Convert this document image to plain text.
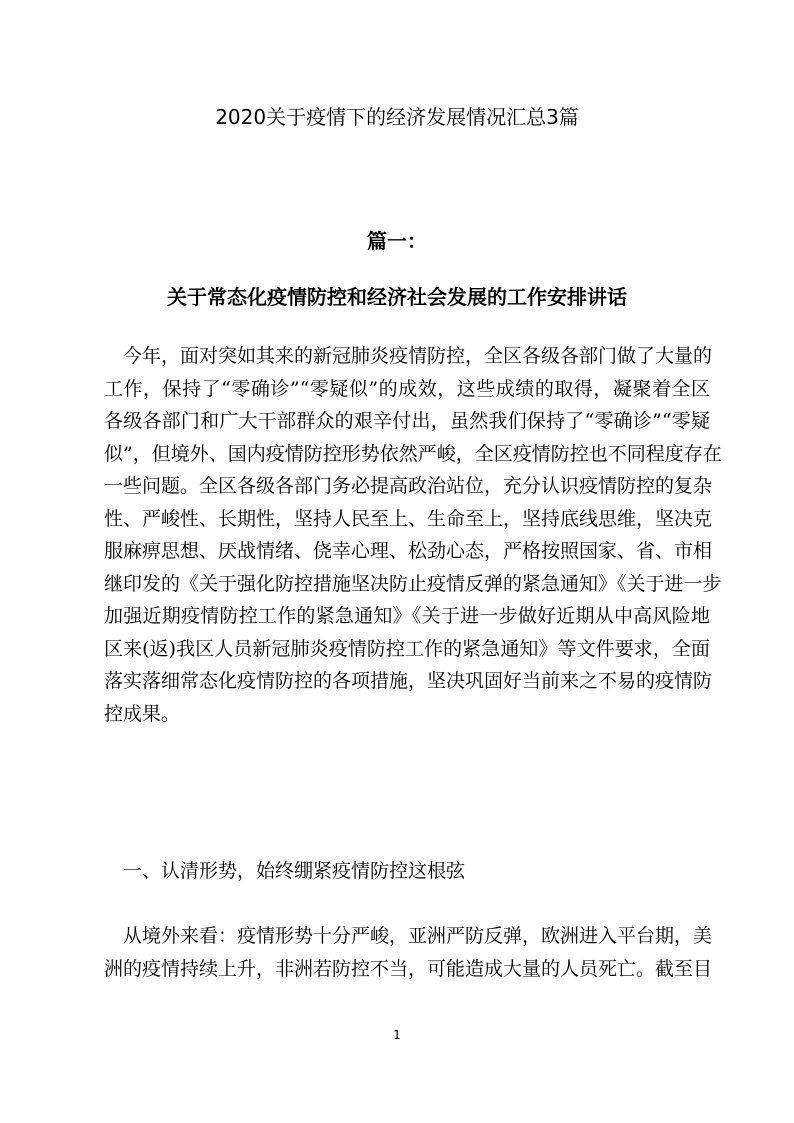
2020关于疫情下的经济发展情况汇总3篇
篇一：
关于常态化疫情防控和经济社会发展的工作安排讲话
　今年，面对突如其来的新冠肺炎疫情防控，全区各级各部门做了大量的
工作，保持了“零确诊”“零疑似”的成效，这些成绩的取得，凝聚着全区
各级各部门和广大干部群众的艰辛付出，虽然我们保持了“零确诊”“零疑
似”，但境外、国内疫情防控形势依然严峻，全区疫情防控也不同程度存在
一些问题。全区各级各部门务必提高政治站位，充分认识疫情防控的复杂
性、严峻性、长期性，坚持人民至上、生命至上，坚持底线思维，坚决克
服麻痹思想、厌战情绪、侥幸心理、松劲心态，严格按照国家、省、市相
继印发的《关于强化防控措施坚决防止疫情反弹的紧急通知》《关于进一步
加强近期疫情防控工作的紧急通知》《关于进一步做好近期从中高风险地
区来(返)我区人员新冠肺炎疫情防控工作的紧急通知》等文件要求，全面
落实落细常态化疫情防控的各项措施，坚决巩固好当前来之不易的疫情防
控成果。
　一、认清形势，始终绷紧疫情防控这根弦
　从境外来看：疫情形势十分严峻，亚洲严防反弹，欧洲进入平台期，美
洲的疫情持续上升，非洲若防控不当，可能造成大量的人员死亡。截至目
1
